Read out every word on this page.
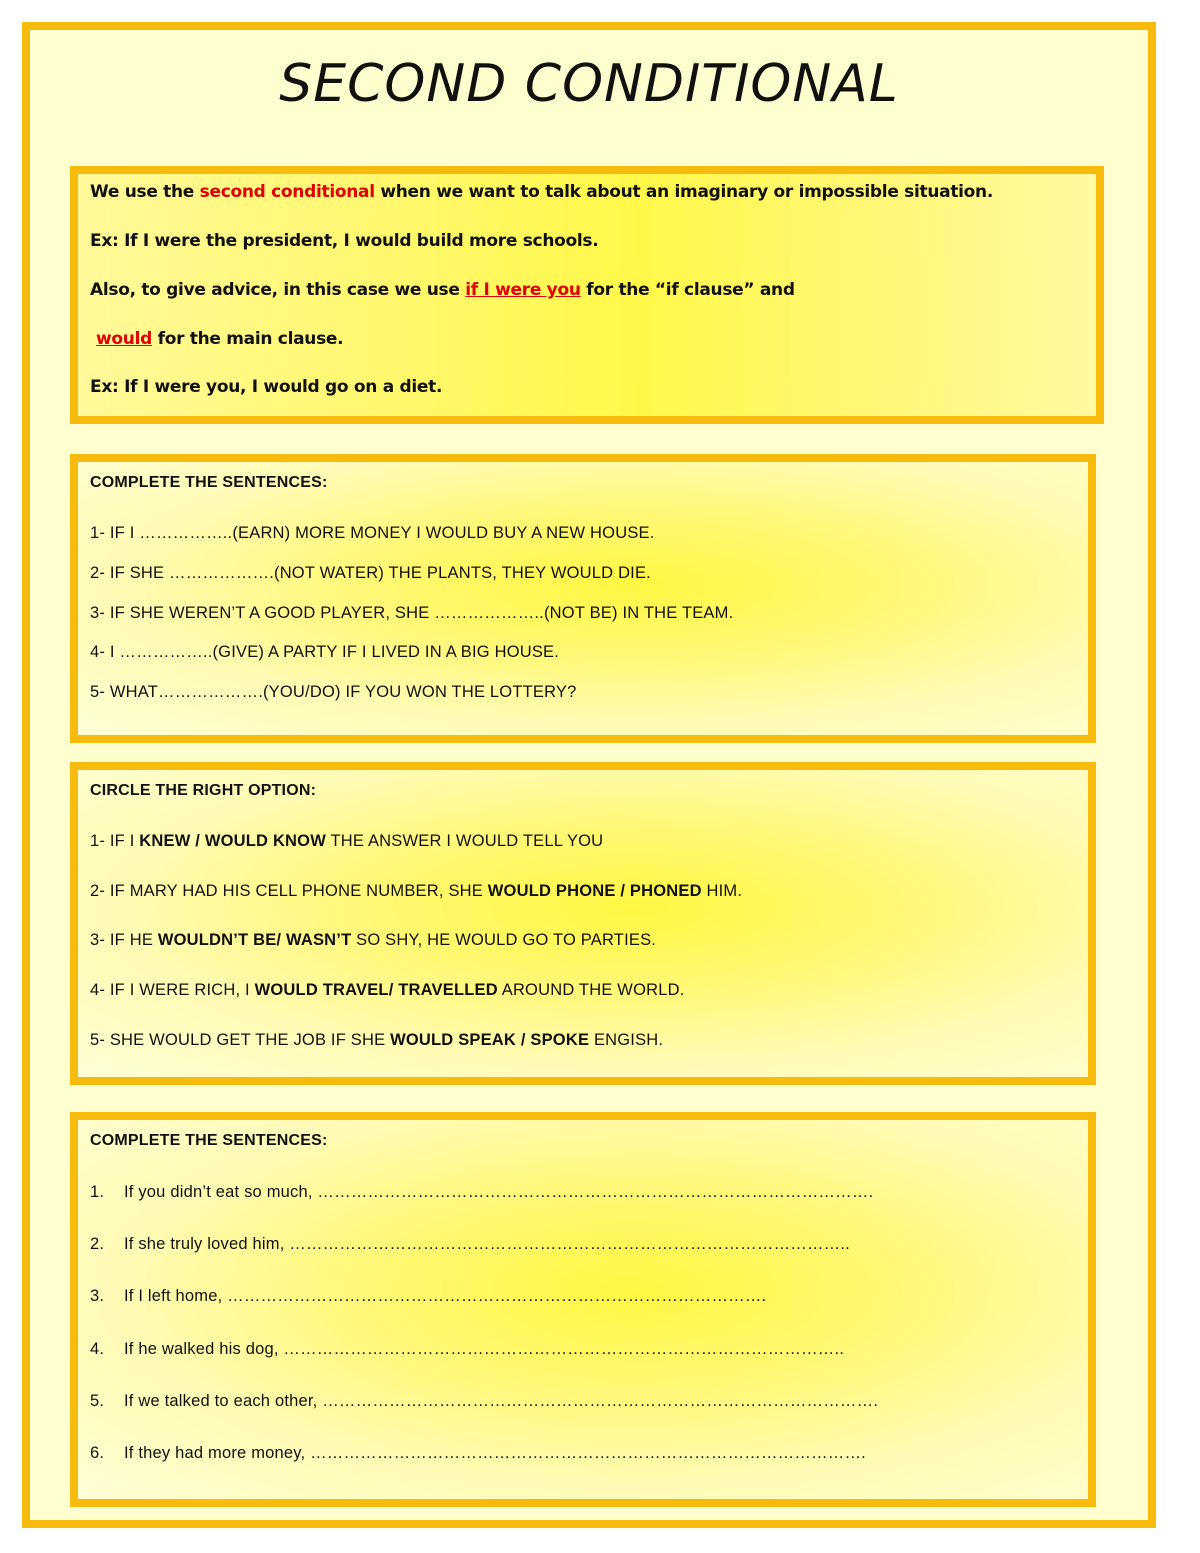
SECOND CONDITIONAL
We use the second conditional when we want to talk about an imaginary or impossible situation.
Ex: If I were the president, I would build more schools.
Also, to give advice, in this case we use if I were you for the “if clause” and
would for the main clause.
Ex: If I were you, I would go on a diet.
COMPLETE THE SENTENCES:
1- IF I ……………..(EARN) MORE MONEY I WOULD BUY A NEW HOUSE.
2- IF SHE ……………….(NOT WATER) THE PLANTS, THEY WOULD DIE.
3- IF SHE WEREN’T A GOOD PLAYER, SHE ………………..(NOT BE) IN THE TEAM.
4- I ……………..(GIVE) A PARTY IF I LIVED IN A BIG HOUSE.
5- WHAT……………….(YOU/DO) IF YOU WON THE LOTTERY?
CIRCLE THE RIGHT OPTION:
1- IF I KNEW / WOULD KNOW THE ANSWER I WOULD TELL YOU
2- IF MARY HAD HIS CELL PHONE NUMBER, SHE WOULD PHONE / PHONED HIM.
3- IF HE WOULDN’T BE/ WASN’T SO SHY, HE WOULD GO TO PARTIES.
4- IF I WERE RICH, I WOULD TRAVEL/ TRAVELLED AROUND THE WORLD.
5- SHE WOULD GET THE JOB IF SHE WOULD SPEAK / SPOKE ENGISH.
COMPLETE THE SENTENCES:
1. If you didn’t eat so much, ……………………………………………………………………………………….
2. If she truly loved him, ………………………………………………………………………………………..
3. If I left home, …………………………………………………………………………………….
4. If he walked his dog, ………………………………………………………………………………………..
5. If we talked to each other, ……………………………………………………………………………………….
6. If they had more money, ……………………………………………………………………………………….
